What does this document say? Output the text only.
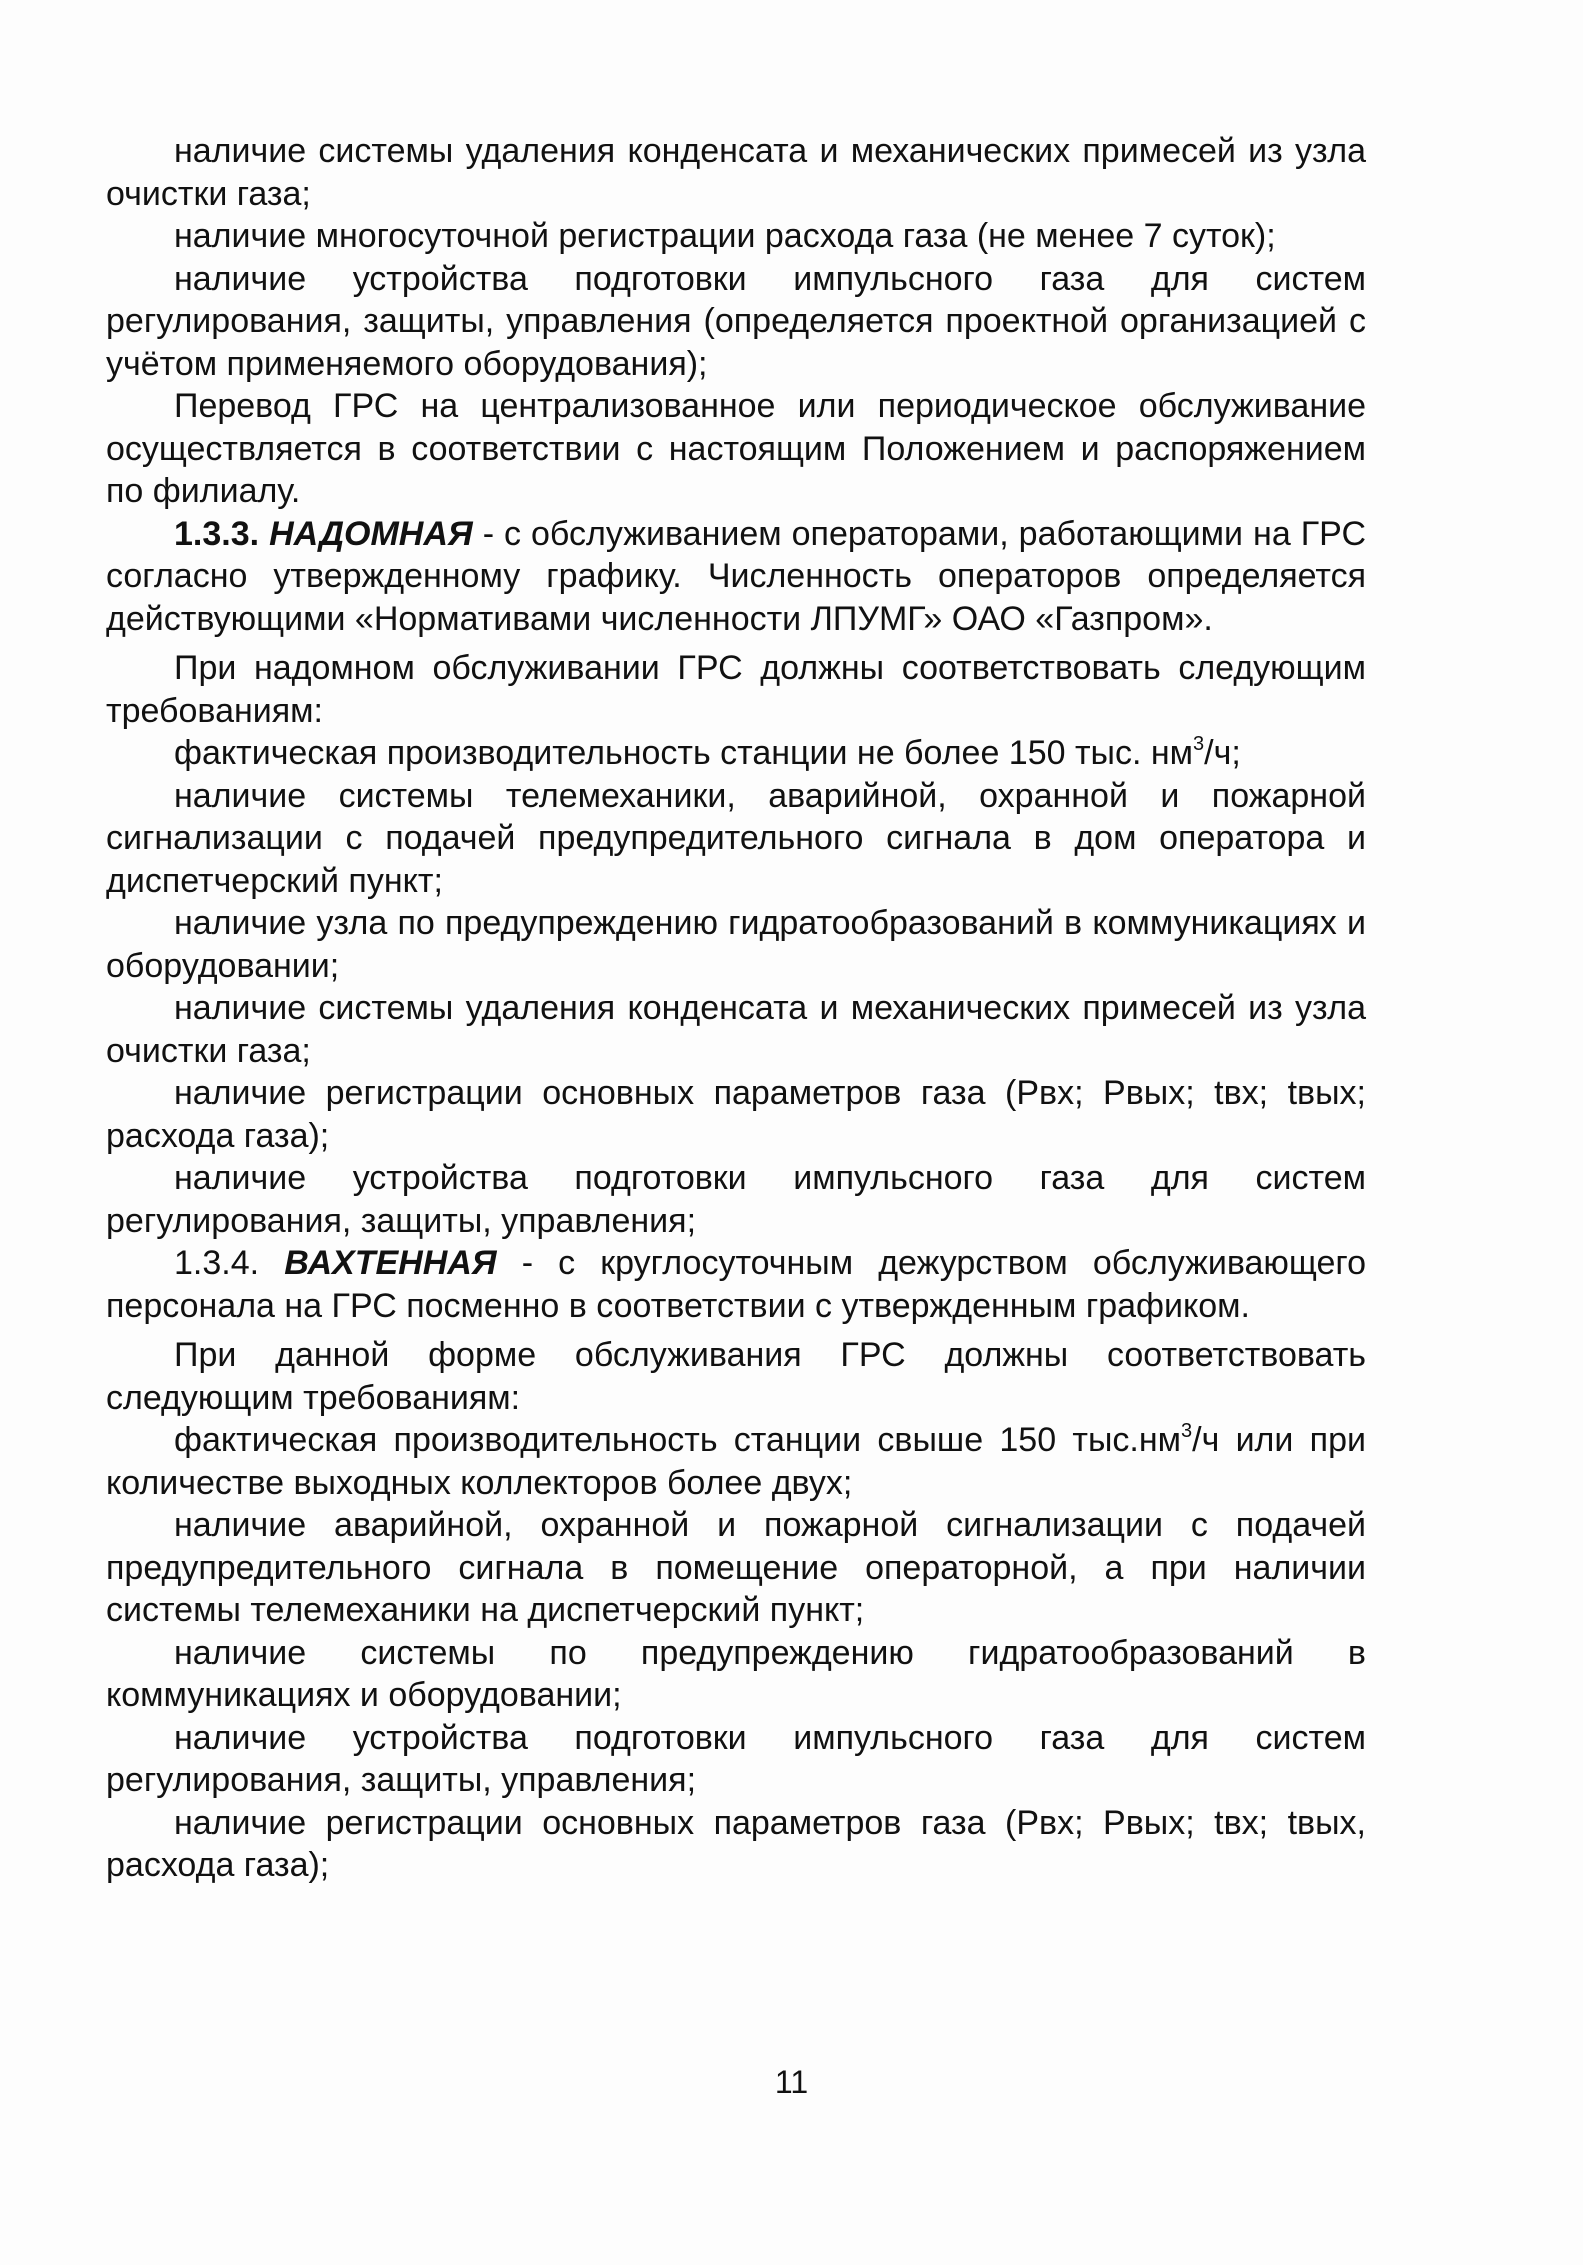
наличие системы удаления конденсата и механических примесей из узла очистки газа;

наличие многосуточной регистрации расхода газа (не менее 7 суток);

наличие устройства подготовки импульсного газа для систем регулирования, защиты, управления (определяется проектной организацией с учётом применяемого оборудования);

Перевод ГРС на централизованное или периодическое обслуживание осуществляется в соответствии с настоящим Положением и распоряжением по филиалу.

1.3.3. НАДОМНАЯ - с обслуживанием операторами, работающими на ГРС согласно утвержденному графику. Численность операторов определяется действующими «Нормативами численности ЛПУМГ» ОАО «Газпром».

При надомном обслуживании ГРС должны соответствовать следующим требованиям:

фактическая производительность станции не более 150 тыс. $нм^3/ч$;

наличие системы телемеханики, аварийной, охранной и пожарной сигнализации с подачей предупредительного сигнала в дом оператора и диспетчерский пункт;

наличие узла по предупреждению гидратообразований в коммуникациях и оборудовании;

наличие системы удаления конденсата и механических примесей из узла очистки газа;

наличие регистрации основных параметров газа (Рвх; Рвых; tвх; tвых; расхода газа);

наличие устройства подготовки импульсного газа для систем регулирования, защиты, управления;

1.3.4. ВАХТЕННАЯ - с круглосуточным дежурством обслуживающего персонала на ГРС посменно в соответствии с утвержденным графиком.

При данной форме обслуживания ГРС должны соответствовать следующим требованиям:

фактическая производительность станции свыше 150 $тыс.нм^3/ч$ или при количестве выходных коллекторов более двух;

наличие аварийной, охранной и пожарной сигнализации с подачей предупредительного сигнала в помещение операторной, а при наличии системы телемеханики на диспетчерский пункт;

наличие системы по предупреждению гидратообразований в коммуникациях и оборудовании;

наличие устройства подготовки импульсного газа для систем регулирования, защиты, управления;

наличие регистрации основных параметров газа (Рвх; Рвых; tвх; tвых, расхода газа);

11
